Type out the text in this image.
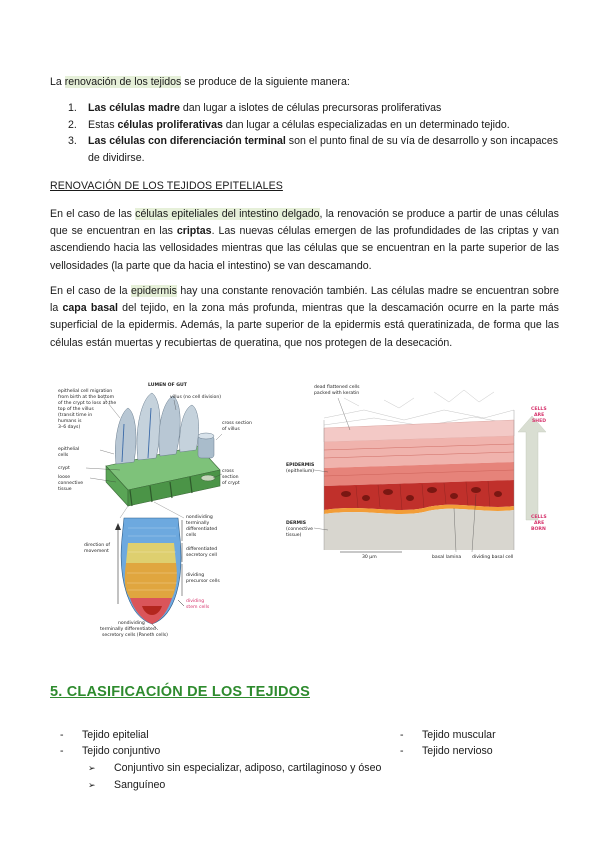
La renovación de los tejidos se produce de la siguiente manera:

1.	Las células madre dan lugar a islotes de células precursoras proliferativas
2.	Estas células proliferativas dan lugar a células especializadas en un determinado tejido.
3.	Las células con diferenciación terminal son el punto final de su vía de desarrollo y son incapaces de dividirse.
RENOVACIÓN DE LOS TEJIDOS EPITELIALES

En el caso de las células epiteliales del intestino delgado, la renovación se produce a partir de unas células que se encuentran en las criptas. Las nuevas células emergen de las profundidades de las criptas y van ascendiendo hacia las vellosidades mientras que las células que se encuentran en la parte superior de las vellosidades (la parte que da hacia el intestino) se van descamando.

En el caso de la epidermis hay una constante renovación también. Las células madre se encuentran sobre la capa basal del tejido, en la zona más profunda, mientras que la descamación ocurre en la parte más superficial de la epidermis. Además, la parte superior de la epidermis está queratinizada, de forma que las células están muertas y recubiertas de queratina, que nos protegen de la desecación.

epithelial cell migration
from birth at the bottom
of the crypt to loss at the
top of the villus
(transit time in
humans is
3–6 days)
LUMEN OF GUT
villus (no cell division)
cross section
of villus
epithelial
cells
crypt
loose
connective
tissue
cross
section
of crypt
nondividing
terminally
differentiated
cells
direction of
movement	differentiated
secretory cell
dividing
precursor cells
dividing
stem cells
nondividing
terminally differentiated
secretory cells (Paneth cells)
dead flattened cells
packed with keratin
CELLS
ARE
SHED
EPIDERMIS
(epithelium)
CELLS
ARE
BORN
DERMIS
(connective
tissue)
30 μm	basal lamina dividing basal cell
5. CLASIFICACIÓN DE LOS TEJIDOS
-	Tejido epitelial
-	Tejido conjuntivo
-	Tejido muscular
-	Tejido nervioso
➢	Conjuntivo sin especializar, adiposo, cartilaginoso y óseo
➢	Sanguíneo
